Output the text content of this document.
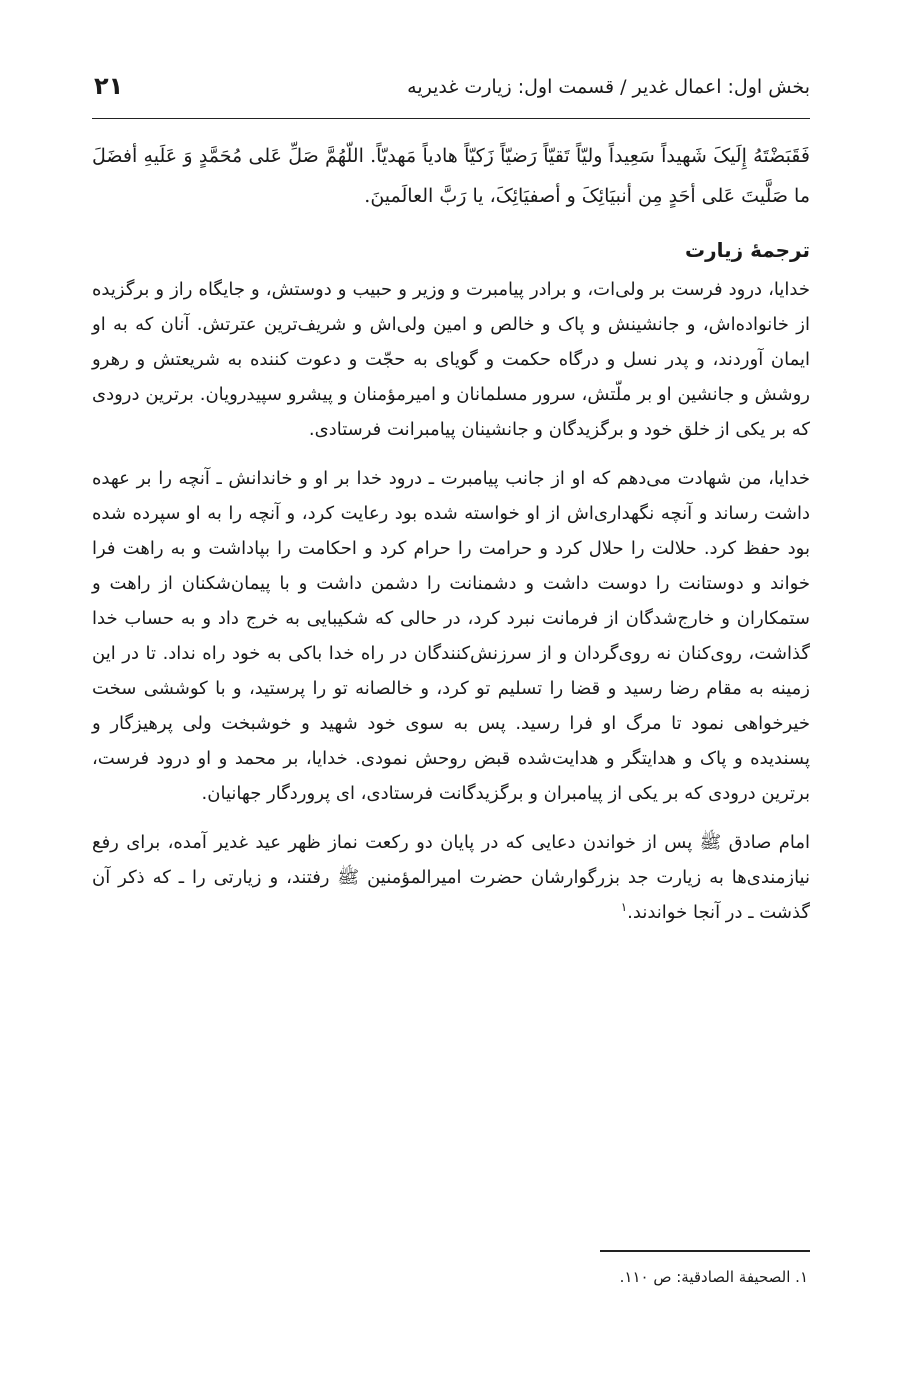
بخش اول: اعمال غدیر / قسمت اول: زیارت غدیریه
۲۱

فَقَبَضْتَهُ إِلَیکَ شَهیداً سَعِیداً ولیّاً تَقیّاً رَضیّاً زَکیّاً هادیاً مَهدیّاً. اللّهُمَّ صَلِّ عَلی مُحَمَّدٍ وَ عَلَیهِ أفضَلَ ما صَلَّیتَ عَلی أحَدٍ مِن أنبیَائِکَ و أصفیَائِکَ، یا رَبَّ العالَمینَ.

ترجمهٔ زیارت

خدایا، درود فرست بر ولی‌ات، و برادر پیامبرت و وزیر و حبیب و دوستش، و جایگاه راز و برگزیده از خانواده‌اش، و جانشینش و پاک و خالص و امین ولی‌اش و شریف‌ترین عترتش. آنان که به او ایمان آوردند، و پدر نسل و درگاه حکمت و گویای به حجّت و دعوت کننده به شریعتش و رهرو روشش و جانشین او بر ملّتش، سرور مسلمانان و امیرمؤمنان و پیشرو سپیدرویان. برترین درودی که بر یکی از خلق خود و برگزیدگان و جانشینان پیامبرانت فرستادی.

خدایا، من شهادت می‌دهم که او از جانب پیامبرت ـ درود خدا بر او و خاندانش ـ آنچه را بر عهده داشت رساند و آنچه نگهداری‌اش از او خواسته شده بود رعایت کرد، و آنچه را به او سپرده شده بود حفظ کرد. حلالت را حلال کرد و حرامت را حرام کرد و احکامت را بپاداشت و به راهت فرا خواند و دوستانت را دوست داشت و دشمنانت را دشمن داشت و با پیمان‌شکنان از راهت و ستمکاران و خارج‌شدگان از فرمانت نبرد کرد، در حالی که شکیبایی به خرج داد و به حساب خدا گذاشت، روی‌کنان نه روی‌گردان و از سرزنش‌کنندگان در راه خدا باکی به خود راه نداد. تا در این زمینه به مقام رضا رسید و قضا را تسلیم تو کرد، و خالصانه تو را پرستید، و با کوششی سخت خیرخواهی نمود تا مرگ او فرا رسید. پس به سوی خود شهید و خوشبخت ولی پرهیزگار و پسندیده و پاک و هدایتگر و هدایت‌شده قبض روحش نمودی. خدایا، بر محمد و او درود فرست، برترین درودی که بر یکی از پیامبران و برگزیدگانت فرستادی، ای پروردگار جهانیان.

امام صادق ﷺ پس از خواندن دعایی که در پایان دو رکعت نماز ظهر عید غدیر آمده، برای رفع نیازمندی‌ها به زیارت جد بزرگوارشان حضرت امیرالمؤمنین ﷺ رفتند، و زیارتی را ـ که ذکر آن گذشت ـ در آنجا خواندند.$^۱$

۱. الصحیفة الصادقیة: ص ۱۱۰.
